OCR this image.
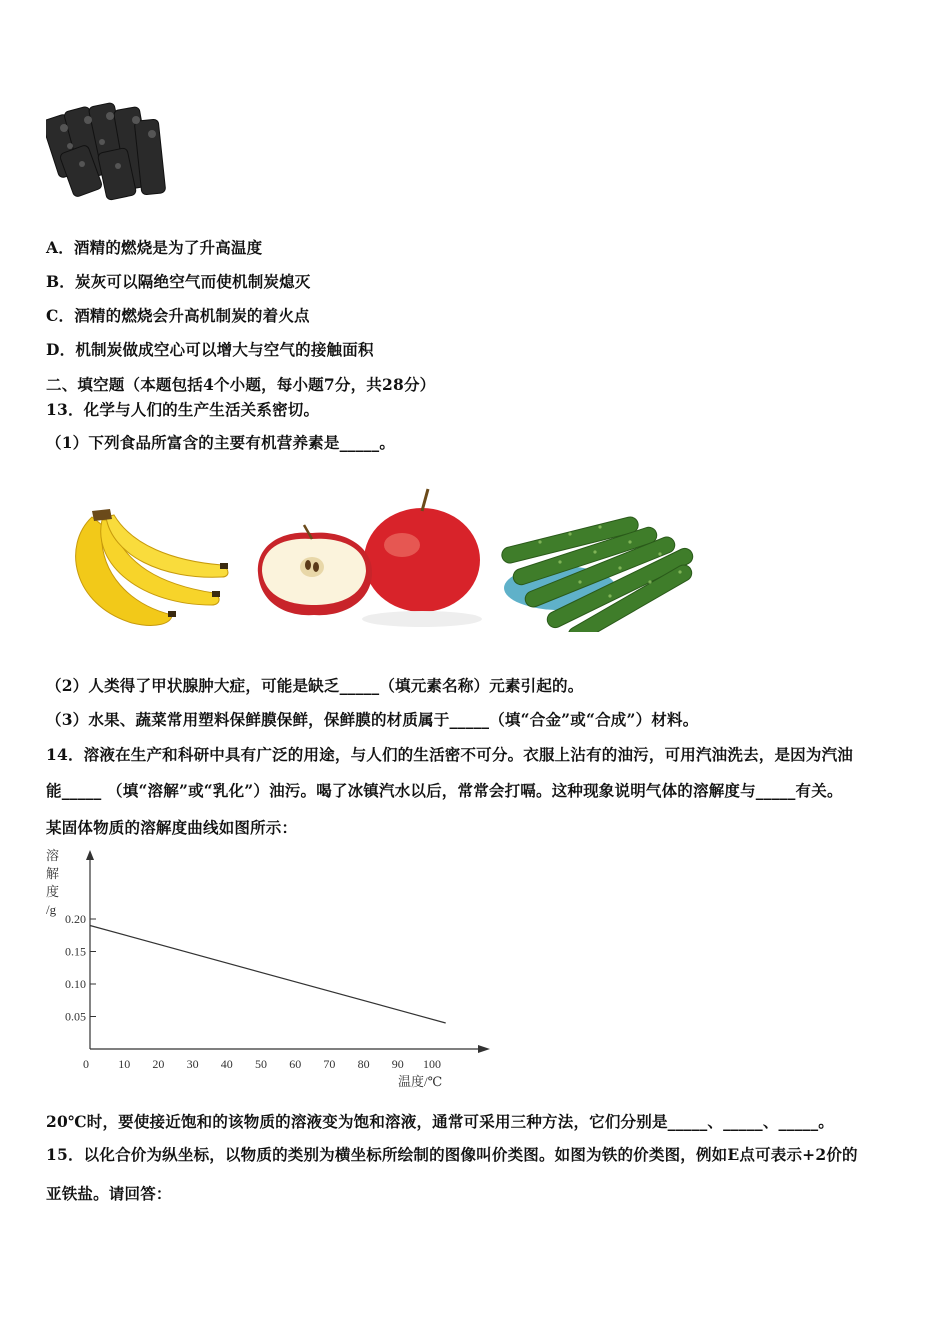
A．酒精的燃烧是为了升高温度
B．炭灰可以隔绝空气而使机制炭熄灭
C．酒精的燃烧会升高机制炭的着火点
D．机制炭做成空心可以增大与空气的接触面积
二、填空题（本题包括4个小题，每小题7分，共28分）
13．化学与人们的生产生活关系密切。
（1）下列食品所富含的主要有机营养素是_____。
（2）人类得了甲状腺肿大症，可能是缺乏_____（填元素名称）元素引起的。
（3）水果、蔬菜常用塑料保鲜膜保鲜，保鲜膜的材质属于_____（填“合金”或“合成”）材料。
14．溶液在生产和科研中具有广泛的用途，与人们的生活密不可分。衣服上沾有的油污，可用汽油洗去，是因为汽油
能_____ （填“溶解”或“乳化”）油污。喝了冰镇汽水以后，常常会打嗝。这种现象说明气体的溶解度与_____有关。
某固体物质的溶解度曲线如图所示：
溶
解
度
/g
0.20
0.15
0.10
0.05
0 10 20 30 40 50 60 70 80 90 100
温度/℃
20℃时，要使接近饱和的该物质的溶液变为饱和溶液，通常可采用三种方法，它们分别是_____、_____、_____。
15．以化合价为纵坐标，以物质的类别为横坐标所绘制的图像叫价类图。如图为铁的价类图，例如E点可表示+2价的
亚铁盐。请回答：
